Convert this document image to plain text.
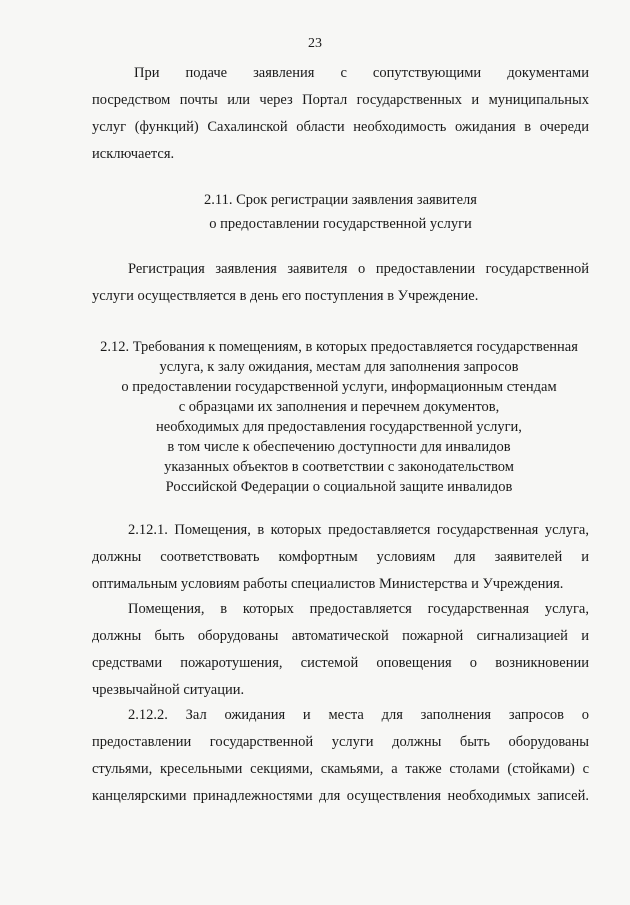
23
При подаче заявления с сопутствующими документами
посредством почты или через Портал государственных и муниципальных
услуг (функций) Сахалинской области необходимость ожидания в очереди
исключается.
2.11. Срок регистрации заявления заявителя
о предоставлении государственной услуги
Регистрация заявления заявителя о предоставлении государственной
услуги осуществляется в день его поступления в Учреждение.
2.12. Требования к помещениям, в которых предоставляется государственная
услуга, к залу ожидания, местам для заполнения запросов
о предоставлении государственной услуги, информационным стендам
с образцами их заполнения и перечнем документов,
необходимых для предоставления государственной услуги,
в том числе к обеспечению доступности для инвалидов
указанных объектов в соответствии с законодательством
Российской Федерации о социальной защите инвалидов
2.12.1. Помещения, в которых предоставляется государственная услуга,
должны соответствовать комфортным условиям для заявителей и
оптимальным условиям работы специалистов Министерства и Учреждения.
Помещения, в которых предоставляется государственная услуга,
должны быть оборудованы автоматической пожарной сигнализацией и
средствами пожаротушения, системой оповещения о возникновении
чрезвычайной ситуации.
2.12.2. Зал ожидания и места для заполнения запросов о
предоставлении государственной услуги должны быть оборудованы
стульями, кресельными секциями, скамьями, а также столами (стойками) с
канцелярскими принадлежностями для осуществления необходимых записей.
